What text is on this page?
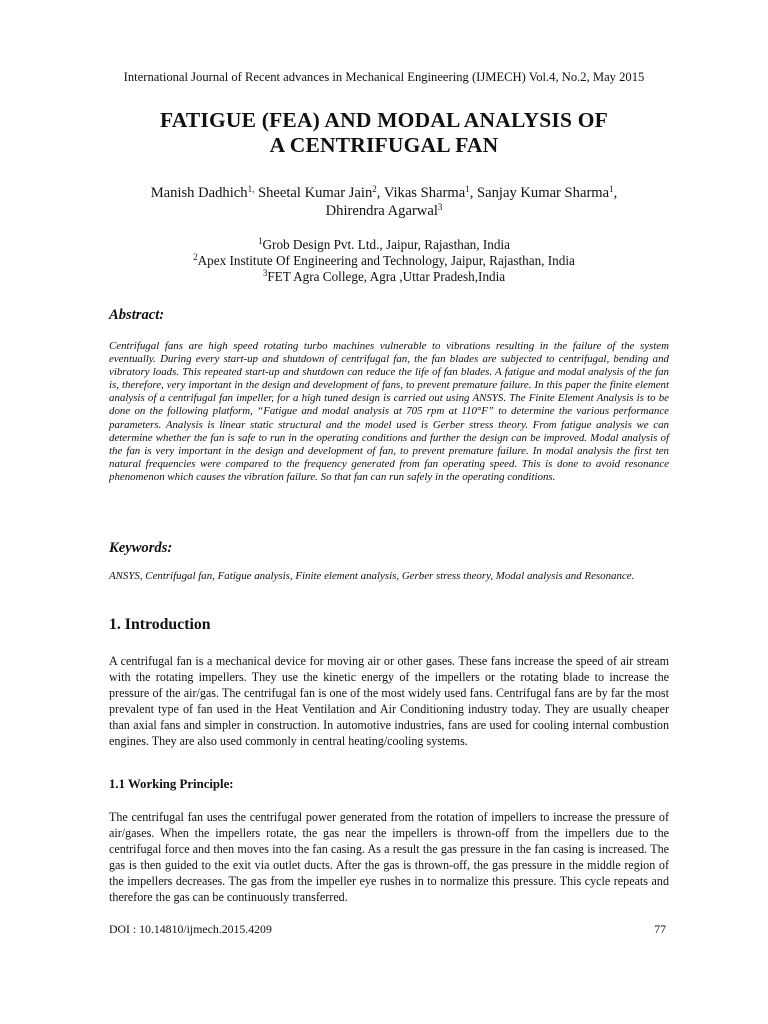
International Journal of Recent advances in Mechanical Engineering (IJMECH) Vol.4, No.2, May 2015
FATIGUE (FEA) AND MODAL ANALYSIS OF
A CENTRIFUGAL FAN
Manish Dadhich$^{1,}$ Sheetal Kumar Jain$^2$, Vikas Sharma$^1$, Sanjay Kumar Sharma$^1$,
Dhirendra Agarwal$^3$
$^1$Grob Design Pvt. Ltd., Jaipur, Rajasthan, India
$^2$Apex Institute Of Engineering and Technology, Jaipur, Rajasthan, India
$^3$FET Agra College, Agra ,Uttar Pradesh,India
Abstract:
Centrifugal fans are high speed rotating turbo machines vulnerable to vibrations resulting in the failure of the system eventually. During every start-up and shutdown of centrifugal fan, the fan blades are subjected to centrifugal, bending and vibratory loads. This repeated start-up and shutdown can reduce the life of fan blades. A fatigue and modal analysis of the fan is, therefore, very important in the design and development of fans, to prevent premature failure. In this paper the finite element analysis of a centrifugal fan impeller, for a high tuned design is carried out using ANSYS. The Finite Element Analysis is to be done on the following platform, “Fatigue and modal analysis at 705 rpm at 110°F” to determine the various performance parameters. Analysis is linear static structural and the model used is Gerber stress theory. From fatigue analysis we can determine whether the fan is safe to run in the operating conditions and further the design can be improved. Modal analysis of the fan is very important in the design and development of fan, to prevent premature failure. In modal analysis the first ten natural frequencies were compared to the frequency generated from fan operating speed. This is done to avoid resonance phenomenon which causes the vibration failure. So that fan can run safely in the operating conditions.
Keywords:
ANSYS, Centrifugal fan, Fatigue analysis, Finite element analysis, Gerber stress theory, Modal analysis and Resonance.
1. Introduction
A centrifugal fan is a mechanical device for moving air or other gases. These fans increase the speed of air stream with the rotating impellers. They use the kinetic energy of the impellers or the rotating blade to increase the pressure of the air/gas. The centrifugal fan is one of the most widely used fans. Centrifugal fans are by far the most prevalent type of fan used in the Heat Ventilation and Air Conditioning industry today. They are usually cheaper than axial fans and simpler in construction. In automotive industries, fans are used for cooling internal combustion engines. They are also used commonly in central heating/cooling systems.
1.1 Working Principle:
The centrifugal fan uses the centrifugal power generated from the rotation of impellers to increase the pressure of air/gases. When the impellers rotate, the gas near the impellers is thrown-off from the impellers due to the centrifugal force and then moves into the fan casing. As a result the gas pressure in the fan casing is increased. The gas is then guided to the exit via outlet ducts. After the gas is thrown-off, the gas pressure in the middle region of the impellers decreases. The gas from the impeller eye rushes in to normalize this pressure. This cycle repeats and therefore the gas can be continuously transferred.
DOI : 10.14810/ijmech.2015.4209	77
